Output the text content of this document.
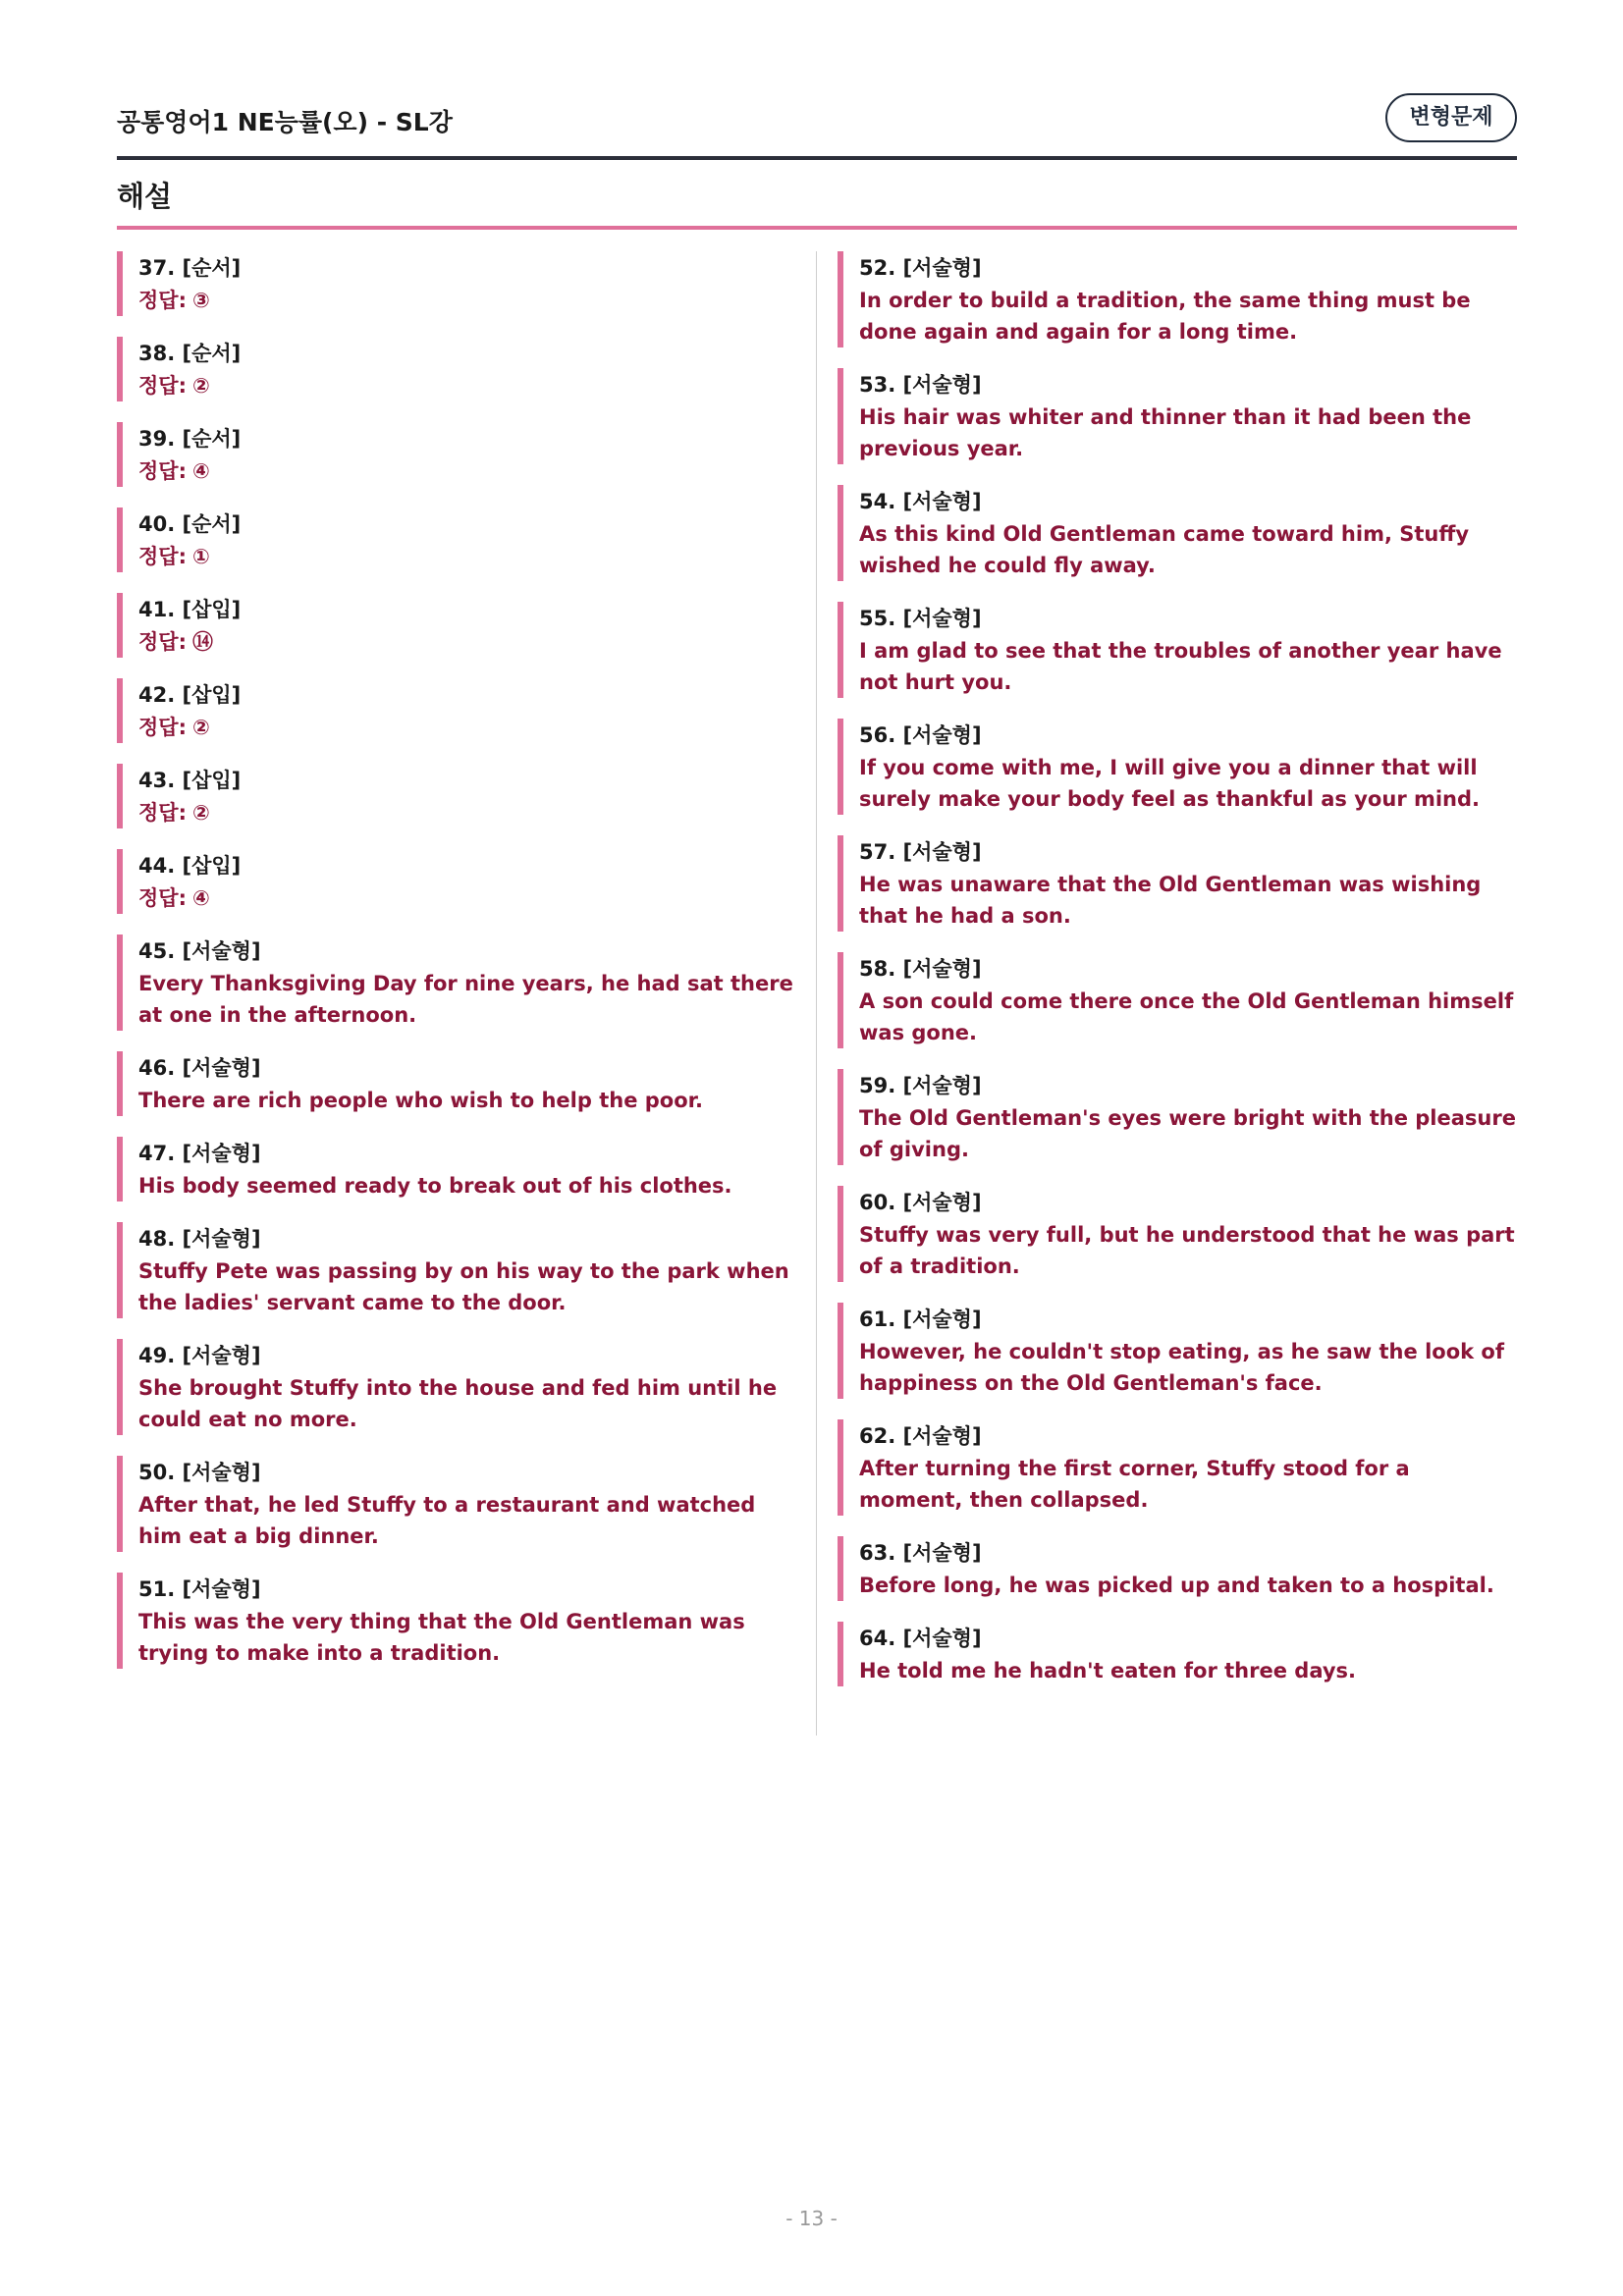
공통영어1 NE능률(오) - SL강	변형문제
해설
37. [순서]
정답: ③
38. [순서]
정답: ②
39. [순서]
정답: ④
40. [순서]
정답: ①
41. [삽입]
정답: ⑭
42. [삽입]
정답: ②
43. [삽입]
정답: ②
44. [삽입]
정답: ④
45. [서술형]
Every Thanksgiving Day for nine years, he had sat there at one in the afternoon.
46. [서술형]
There are rich people who wish to help the poor.
47. [서술형]
His body seemed ready to break out of his clothes.
48. [서술형]
Stuffy Pete was passing by on his way to the park when the ladies' servant came to the door.
49. [서술형]
She brought Stuffy into the house and fed him until he could eat no more.
50. [서술형]
After that, he led Stuffy to a restaurant and watched him eat a big dinner.
51. [서술형]
This was the very thing that the Old Gentleman was trying to make into a tradition.
52. [서술형]
In order to build a tradition, the same thing must be done again and again for a long time.
53. [서술형]
His hair was whiter and thinner than it had been the previous year.
54. [서술형]
As this kind Old Gentleman came toward him, Stuffy wished he could fly away.
55. [서술형]
I am glad to see that the troubles of another year have not hurt you.
56. [서술형]
If you come with me, I will give you a dinner that will surely make your body feel as thankful as your mind.
57. [서술형]
He was unaware that the Old Gentleman was wishing that he had a son.
58. [서술형]
A son could come there once the Old Gentleman himself was gone.
59. [서술형]
The Old Gentleman's eyes were bright with the pleasure of giving.
60. [서술형]
Stuffy was very full, but he understood that he was part of a tradition.
61. [서술형]
However, he couldn't stop eating, as he saw the look of happiness on the Old Gentleman's face.
62. [서술형]
After turning the first corner, Stuffy stood for a moment, then collapsed.
63. [서술형]
Before long, he was picked up and taken to a hospital.
64. [서술형]
He told me he hadn't eaten for three days.
- 13 -
